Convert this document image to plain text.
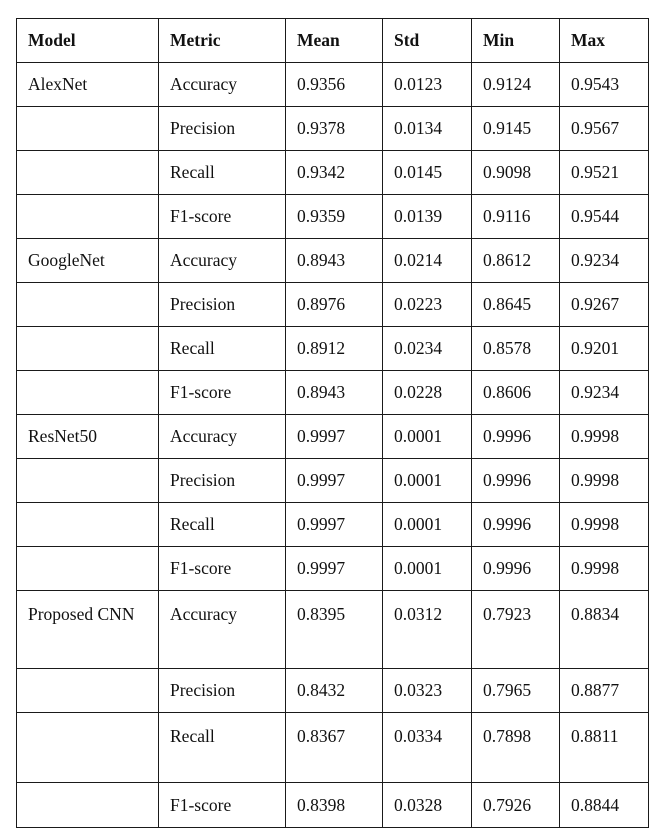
Model	Metric	Mean	Std	Min	Max
AlexNet	Accuracy	0.9356	0.0123	0.9124	0.9543
	Precision	0.9378	0.0134	0.9145	0.9567
	Recall	0.9342	0.0145	0.9098	0.9521
	F1-score	0.9359	0.0139	0.9116	0.9544
GoogleNet	Accuracy	0.8943	0.0214	0.8612	0.9234
	Precision	0.8976	0.0223	0.8645	0.9267
	Recall	0.8912	0.0234	0.8578	0.9201
	F1-score	0.8943	0.0228	0.8606	0.9234
ResNet50	Accuracy	0.9997	0.0001	0.9996	0.9998
	Precision	0.9997	0.0001	0.9996	0.9998
	Recall	0.9997	0.0001	0.9996	0.9998
	F1-score	0.9997	0.0001	0.9996	0.9998
Proposed CNN	Accuracy	0.8395	0.0312	0.7923	0.8834
	Precision	0.8432	0.0323	0.7965	0.8877
	Recall	0.8367	0.0334	0.7898	0.8811
	F1-score	0.8398	0.0328	0.7926	0.8844
